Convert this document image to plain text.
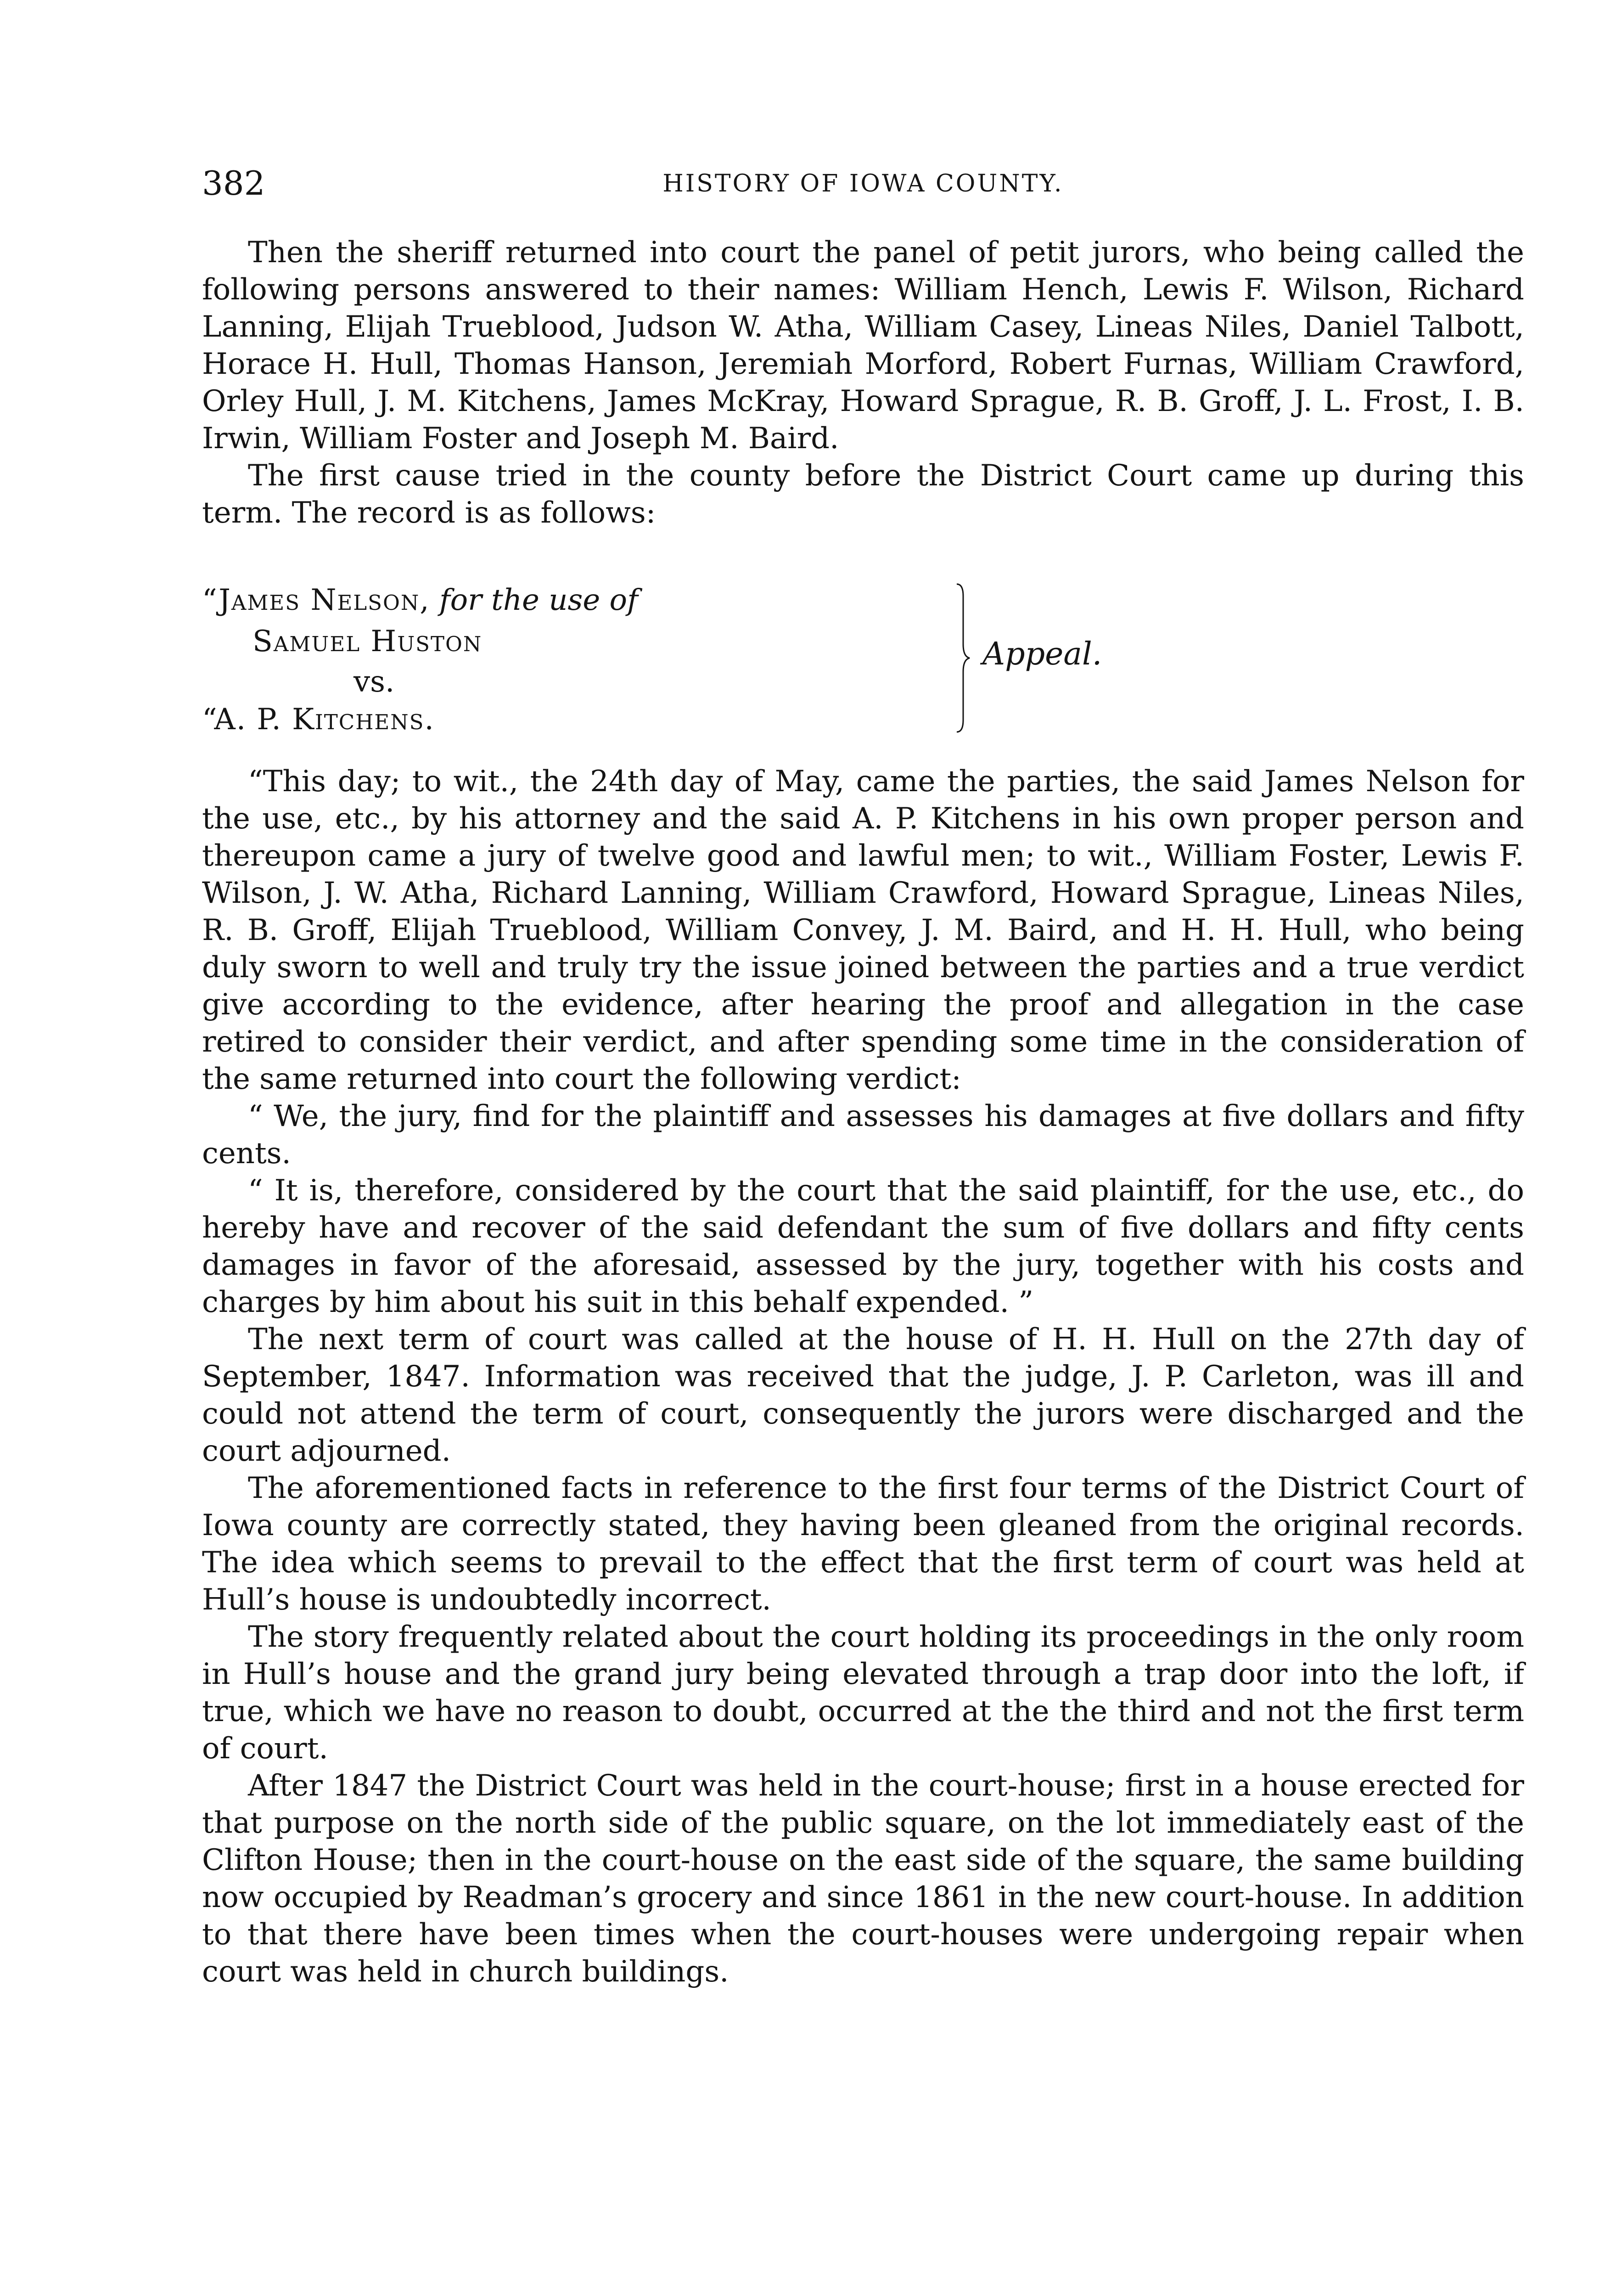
382	HISTORY OF IOWA COUNTY.

Then the sheriff returned into court the panel of petit jurors, who being called the following persons answered to their names: William Hench, Lewis F. Wilson, Richard Lanning, Elijah Trueblood, Judson W. Atha, William Casey, Lineas Niles, Daniel Talbott, Horace H. Hull, Thomas Hanson, Jeremiah Morford, Robert Furnas, William Crawford, Orley Hull, J. M. Kitchens, James McKray, Howard Sprague, R. B. Groff, J. L. Frost, I. B. Irwin, William Foster and Joseph M. Baird.

The first cause tried in the county before the District Court came up during this term. The record is as follows:

“James Nelson, for the use of
Samuel Huston
vs.
“A. P. Kitchens.
Appeal.

“This day; to wit., the 24th day of May, came the parties, the said James Nelson for the use, etc., by his attorney and the said A. P. Kitchens in his own proper person and thereupon came a jury of twelve good and lawful men; to wit., William Foster, Lewis F. Wilson, J. W. Atha, Richard Lanning, William Crawford, Howard Sprague, Lineas Niles, R. B. Groff, Elijah Trueblood, William Convey, J. M. Baird, and H. H. Hull, who being duly sworn to well and truly try the issue joined between the parties and a true verdict give according to the evidence, after hearing the proof and allegation in the case retired to consider their verdict, and after spending some time in the consideration of the same returned into court the following verdict:

“ We, the jury, find for the plaintiff and assesses his damages at five dollars and fifty cents.

“ It is, therefore, considered by the court that the said plaintiff, for the use, etc., do hereby have and recover of the said defendant the sum of five dollars and fifty cents damages in favor of the aforesaid, assessed by the jury, together with his costs and charges by him about his suit in this behalf expended. ”

The next term of court was called at the house of H. H. Hull on the 27th day of September, 1847. Information was received that the judge, J. P. Carleton, was ill and could not attend the term of court, consequently the jurors were discharged and the court adjourned.

The aforementioned facts in reference to the first four terms of the District Court of Iowa county are correctly stated, they having been gleaned from the original records. The idea which seems to prevail to the effect that the first term of court was held at Hull’s house is undoubtedly incorrect.

The story frequently related about the court holding its proceedings in the only room in Hull’s house and the grand jury being elevated through a trap door into the loft, if true, which we have no reason to doubt, occurred at the the third and not the first term of court.

After 1847 the District Court was held in the court-house; first in a house erected for that purpose on the north side of the public square, on the lot immediately east of the Clifton House; then in the court-house on the east side of the square, the same building now occupied by Readman’s grocery and since 1861 in the new court-house. In addition to that there have been times when the court-houses were undergoing repair when court was held in church buildings.
